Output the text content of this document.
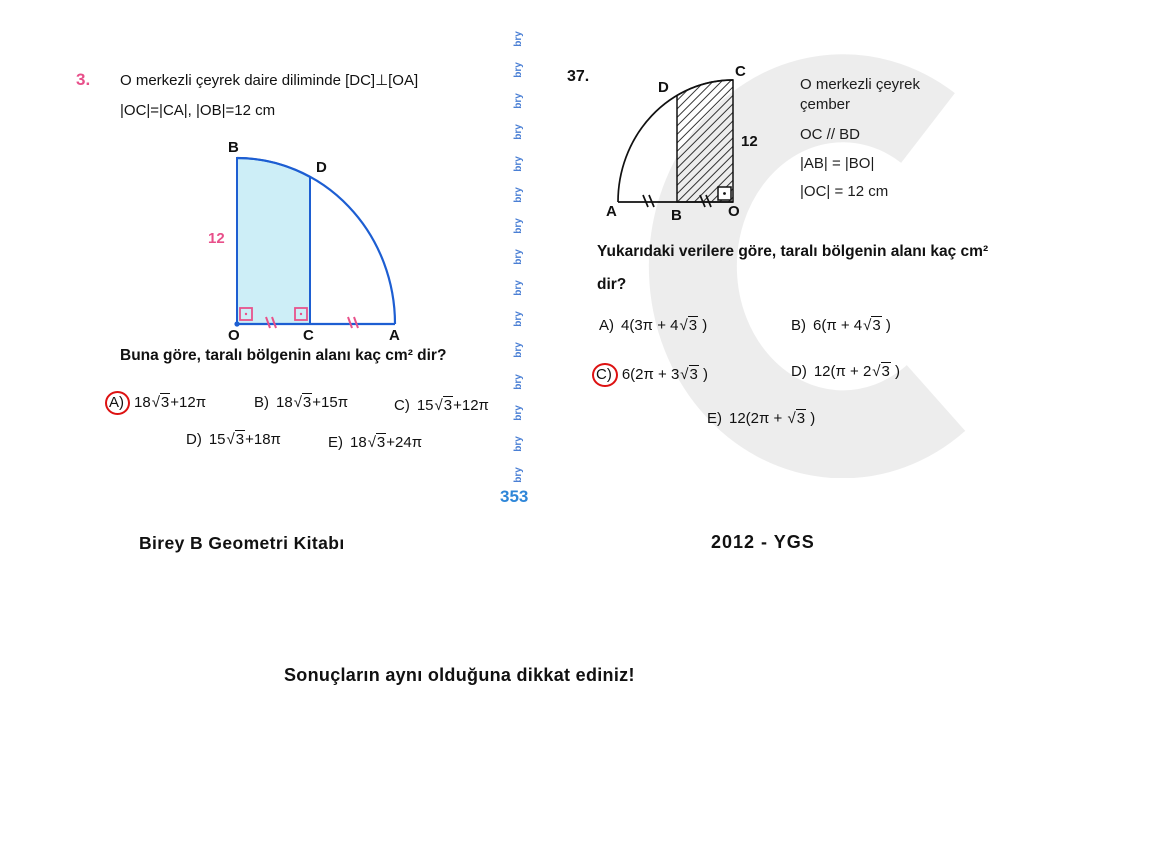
3. O merkezli çeyrek daire diliminde [DC]⊥[OA]
|OC|=|CA|, |OB|=12 cm
B
D
O	C	A
12
Buna göre, taralı bölgenin alanı kaç cm² dir?
A) 18√3+12π	B) 18√3+15π	C) 15√3+12π
D) 15√3+18π	E) 18√3+24π
bry
bry
bry
bry
bry
bry
bry
bry
bry
bry
bry
bry
bry
bry
bry
353
37.
A	B	O
C
D
12
O merkezli çeyrek
çember
OC // BD
|AB| = |BO|
|OC| = 12 cm
Yukarıdaki verilere göre, taralı bölgenin alanı kaç cm² dir?
A) 4(3π + 4√3 )	B) 6(π + 4√3 )
C) 6(2π + 3√3 )	D) 12(π + 2√3 )
E) 12(2π + √3 )
Birey B Geometri Kitabı	2012 - YGS
Sonuçların aynı olduğuna dikkat ediniz!
